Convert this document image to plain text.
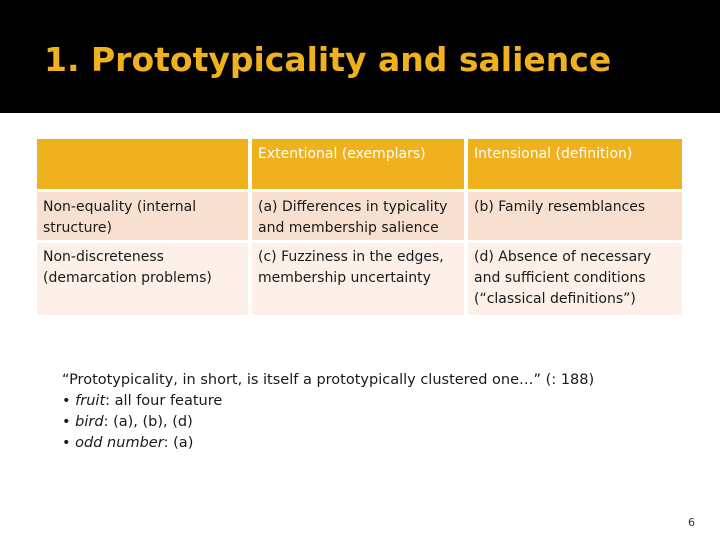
1. Prototypicality and salience
Extentional (exemplars)	Intensional (definition)
Non-equality (internal structure)
(a) Differences in typicality and membership salience
(b) Family resemblances
Non-discreteness (demarcation problems)
(c) Fuzziness in the edges, membership uncertainty
(d) Absence of necessary and sufficient conditions (“classical definitions”)
“Prototypicality, in short, is itself a prototypically clustered one…” (: 188)
• fruit: all four feature
• bird: (a), (b), (d)
• odd number: (a)
6
